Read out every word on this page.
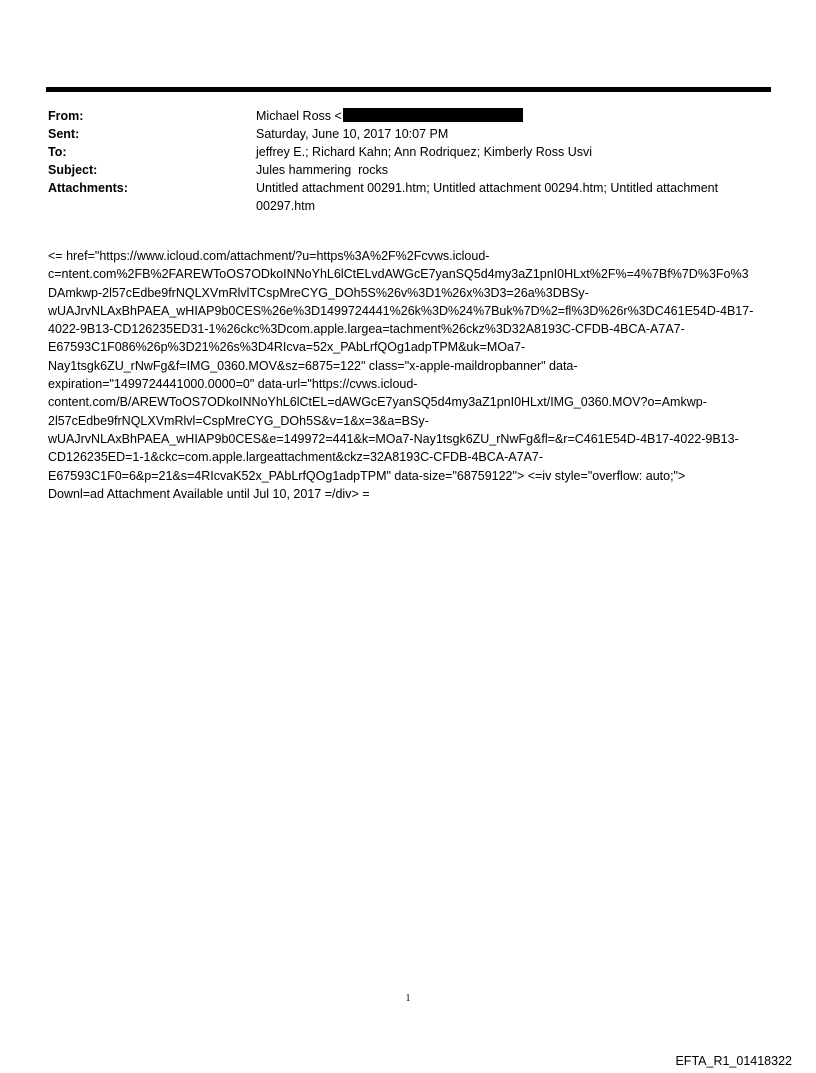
From:	Michael Ross <
Sent:	Saturday, June 10, 2017 10:07 PM
To:	jeffrey E.; Richard Kahn; Ann Rodriquez; Kimberly Ross Usvi
Subject:	Jules hammering  rocks
Attachments:	Untitled attachment 00291.htm; Untitled attachment 00294.htm; Untitled attachment
00297.htm
<= href="https://www.icloud.com/attachment/?u=https%3A%2F%2Fcvws.icloud-
c=ntent.com%2FB%2FAREWToOS7ODkoINNoYhL6lCtELvdAWGcE7yanSQ5d4my3aZ1pnI0HLxt%2F%=4%7Bf%7D%3Fo%3
DAmkwp-2l57cEdbe9frNQLXVmRlvlTCspMreCYG_DOh5S%26v%3D1%26x%3D3=26a%3DBSy-
wUAJrvNLAxBhPAEA_wHIAP9b0CES%26e%3D1499724441%26k%3D%24%7Buk%7D%2=fl%3D%26r%3DC461E54D-4B17-
4022-9B13-CD126235ED31-1%26ckc%3Dcom.apple.largea=tachment%26ckz%3D32A8193C-CFDB-4BCA-A7A7-
E67593C1F086%26p%3D21%26s%3D4RIcva=52x_PAbLrfQOg1adpTPM&uk=MOa7-
Nay1tsgk6ZU_rNwFg&f=IMG_0360.MOV&sz=6875=122" class="x-apple-maildropbanner" data-
expiration="1499724441000.0000=0" data-url="https://cvws.icloud-
content.com/B/AREWToOS7ODkoINNoYhL6lCtEL=dAWGcE7yanSQ5d4my3aZ1pnI0HLxt/IMG_0360.MOV?o=Amkwp-
2l57cEdbe9frNQLXVmRlvl=CspMreCYG_DOh5S&v=1&x=3&a=BSy-
wUAJrvNLAxBhPAEA_wHIAP9b0CES&e=149972=441&k=MOa7-Nay1tsgk6ZU_rNwFg&fl=&r=C461E54D-4B17-4022-9B13-
CD126235ED=1-1&ckc=com.apple.largeattachment&ckz=32A8193C-CFDB-4BCA-A7A7-
E67593C1F0=6&p=21&s=4RIcvaK52x_PAbLrfQOg1adpTPM" data-size="68759122"> <=iv style="overflow: auto;">
Downl=ad Attachment Available until Jul 10, 2017 =/div> =
1
EFTA_R1_01418322
